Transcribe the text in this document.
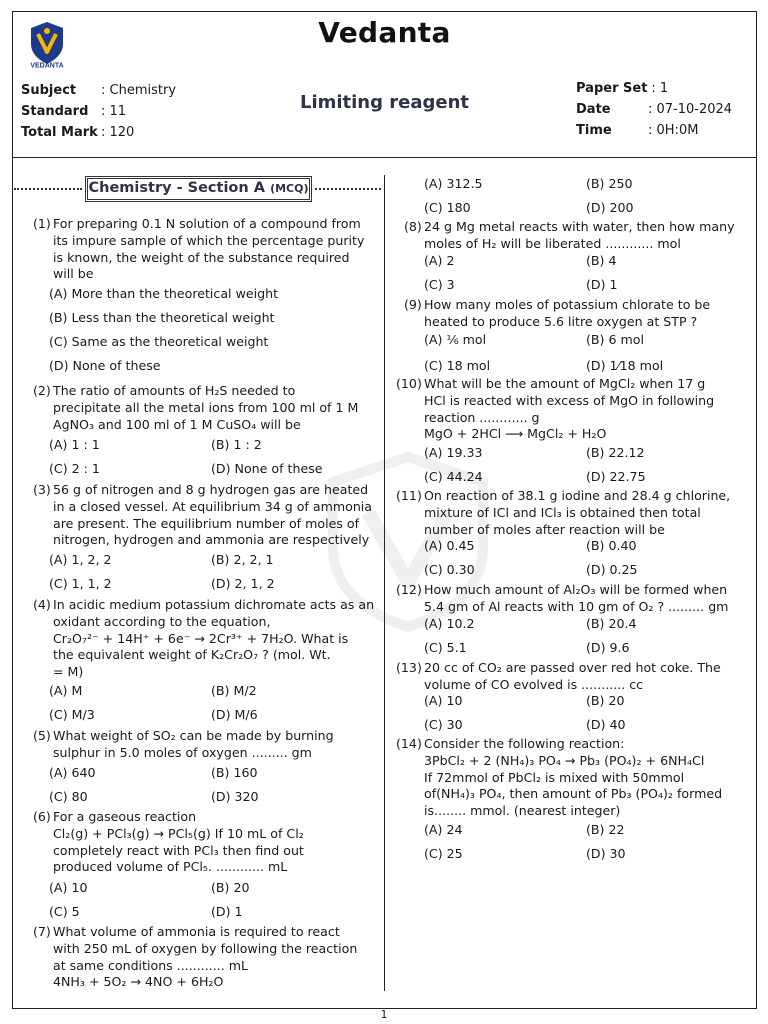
VEDANTA
Vedanta
Subject	: Chemistry
Standard : 11
Total Mark : 120
Limiting reagent
Paper Set : 1
Date	: 07-10-2024
Time	: 0H:0M
Chemistry - Section A (MCQ)
(1) For preparing 0.1 N solution of a compound from
its impure sample of which the percentage purity
is known, the weight of the substance required
will be
(A) More than the theoretical weight
(B) Less than the theoretical weight
(C) Same as the theoretical weight
(D) None of these
(2) The ratio of amounts of H₂S needed to
precipitate all the metal ions from 100 ml of 1 M
AgNO₃ and 100 ml of 1 M CuSO₄ will be
(A) 1 : 1	(B) 1 : 2
(C) 2 : 1	(D) None of these
(3) 56 g of nitrogen and 8 g hydrogen gas are heated
in a closed vessel. At equilibrium 34 g of ammonia
are present. The equilibrium number of moles of
nitrogen, hydrogen and ammonia are respectively
(A) 1, 2, 2	(B) 2, 2, 1
(C) 1, 1, 2	(D) 2, 1, 2
(4) In acidic medium potassium dichromate acts as an
oxidant according to the equation,
Cr₂O₇²⁻ + 14H⁺ + 6e⁻ → 2Cr³⁺ + 7H₂O. What is
the equivalent weight of K₂Cr₂O₇ ? (mol. Wt.
= M)
(A) M	(B) M/2
(C) M/3	(D) M/6
(5) What weight of SO₂ can be made by burning
sulphur in 5.0 moles of oxygen ......... gm
(A) 640	(B) 160
(C) 80	(D) 320
(6) For a gaseous reaction
Cl₂(g) + PCl₃(g) → PCl₅(g) If 10 mL of Cl₂
completely react with PCl₃ then find out
produced volume of PCl₅. ............ mL
(A) 10	(B) 20
(C) 5	(D) 1
(7) What volume of ammonia is required to react
with 250 mL of oxygen by following the reaction
at same conditions ............ mL
4NH₃ + 5O₂ → 4NO + 6H₂O
(A) 312.5	(B) 250
(C) 180	(D) 200
(8) 24 g Mg metal reacts with water, then how many
moles of H₂ will be liberated ............ mol
(A) 2	(B) 4
(C) 3	(D) 1
(9) How many moles of potassium chlorate to be
heated to produce 5.6 litre oxygen at STP ?
(A) ⅙ mol	(B) 6 mol
(C) 18 mol	(D) 1⁄18 mol
(10) What will be the amount of MgCl₂ when 17 g
HCl is reacted with excess of MgO in following
reaction ............ g
MgO + 2HCl ⟶ MgCl₂ + H₂O
(A) 19.33	(B) 22.12
(C) 44.24	(D) 22.75
(11) On reaction of 38.1 g iodine and 28.4 g chlorine,
mixture of ICl and ICl₃ is obtained then total
number of moles after reaction will be
(A) 0.45	(B) 0.40
(C) 0.30	(D) 0.25
(12) How much amount of Al₂O₃ will be formed when
5.4 gm of Al reacts with 10 gm of O₂ ? ......... gm
(A) 10.2	(B) 20.4
(C) 5.1	(D) 9.6
(13) 20 cc of CO₂ are passed over red hot coke. The
volume of CO evolved is ........... cc
(A) 10	(B) 20
(C) 30	(D) 40
(14) Consider the following reaction:
3PbCl₂ + 2 (NH₄)₃ PO₄ → Pb₃ (PO₄)₂ + 6NH₄Cl
If 72mmol of PbCl₂ is mixed with 50mmol
of(NH₄)₃ PO₄, then amount of Pb₃ (PO₄)₂ formed
is........ mmol. (nearest integer)
(A) 24	(B) 22
(C) 25	(D) 30
1
